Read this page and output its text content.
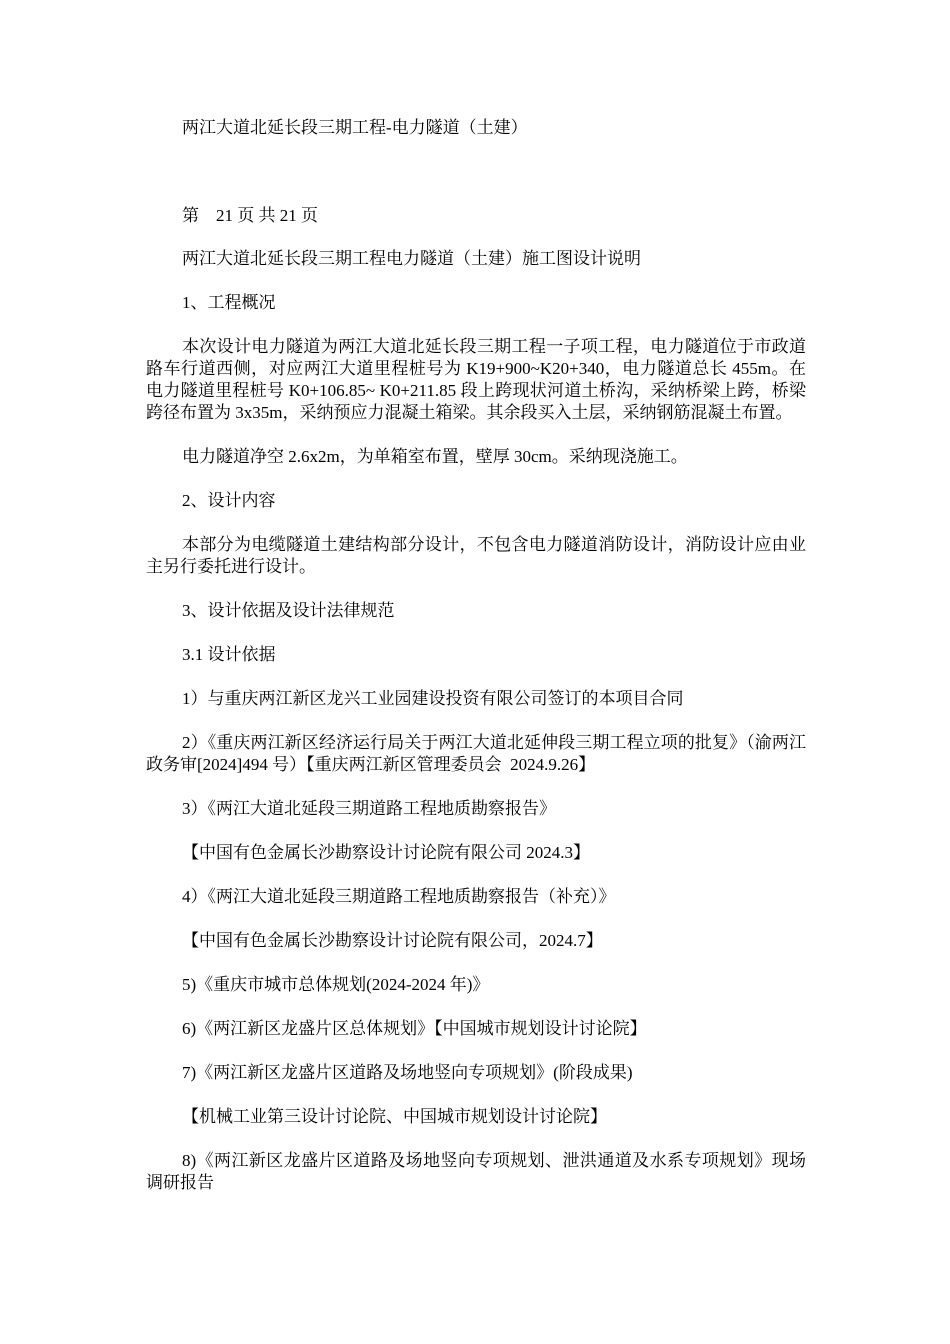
两江大道北延长段三期工程-电力隧道（土建）

第    21 页 共 21 页

两江大道北延长段三期工程电力隧道（土建）施工图设计说明

1、工程概况

本次设计电力隧道为两江大道北延长段三期工程一子项工程，电力隧道位于市政道路车行道西侧，对应两江大道里程桩号为 K19+900~K20+340，电力隧道总长 455m。在电力隧道里程桩号 K0+106.85~ K0+211.85 段上跨现状河道土桥沟，采纳桥梁上跨，桥梁跨径布置为 3x35m，采纳预应力混凝土箱梁。其余段买入土层，采纳钢筋混凝土布置。

电力隧道净空 2.6x2m，为单箱室布置，壁厚 30cm。采纳现浇施工。

2、设计内容

本部分为电缆隧道土建结构部分设计，不包含电力隧道消防设计，消防设计应由业主另行委托进行设计。

3、设计依据及设计法律规范

3.1 设计依据

1）与重庆两江新区龙兴工业园建设投资有限公司签订的本项目合同

2）《重庆两江新区经济运行局关于两江大道北延伸段三期工程立项的批复》（渝两江政务审[2024]494 号）【重庆两江新区管理委员会  2024.9.26】

3）《两江大道北延段三期道路工程地质勘察报告》

【中国有色金属长沙勘察设计讨论院有限公司 2024.3】

4）《两江大道北延段三期道路工程地质勘察报告（补充）》

【中国有色金属长沙勘察设计讨论院有限公司，2024.7】

5)《重庆市城市总体规划(2024-2024 年)》

6)《两江新区龙盛片区总体规划》【中国城市规划设计讨论院】

7)《两江新区龙盛片区道路及场地竖向专项规划》(阶段成果)

【机械工业第三设计讨论院、中国城市规划设计讨论院】

8)《两江新区龙盛片区道路及场地竖向专项规划、泄洪通道及水系专项规划》现场调研报告
